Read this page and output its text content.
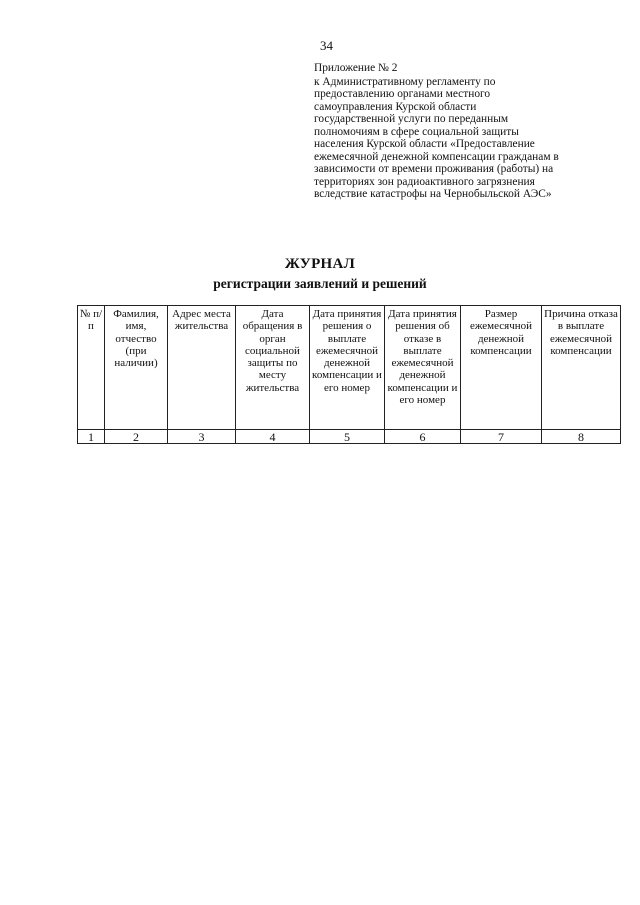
34
Приложение № 2
к Административному регламенту по
предоставлению органами местного
самоуправления Курской области
государственной услуги по переданным
полномочиям в сфере социальной защиты
населения Курской области «Предоставление
ежемесячной денежной компенсации гражданам в
зависимости от времени проживания (работы) на
территориях зон радиоактивного загрязнения
вследствие катастрофы на Чернобыльской АЭС»
ЖУРНАЛ
регистрации заявлений и решений
№ п/п	Фамилия, имя, отчество (при наличии)	Адрес места жительства	Дата обращения в орган социальной защиты по месту жительства	Дата принятия решения о выплате ежемесячной денежной компенсации и его номер	Дата принятия решения об отказе в выплате ежемесячной денежной компенсации и его номер	Размер ежемесячной денежной компенсации	Причина отказа в выплате ежемесячной компенсации
1	2	3	4	5	6	7	8
